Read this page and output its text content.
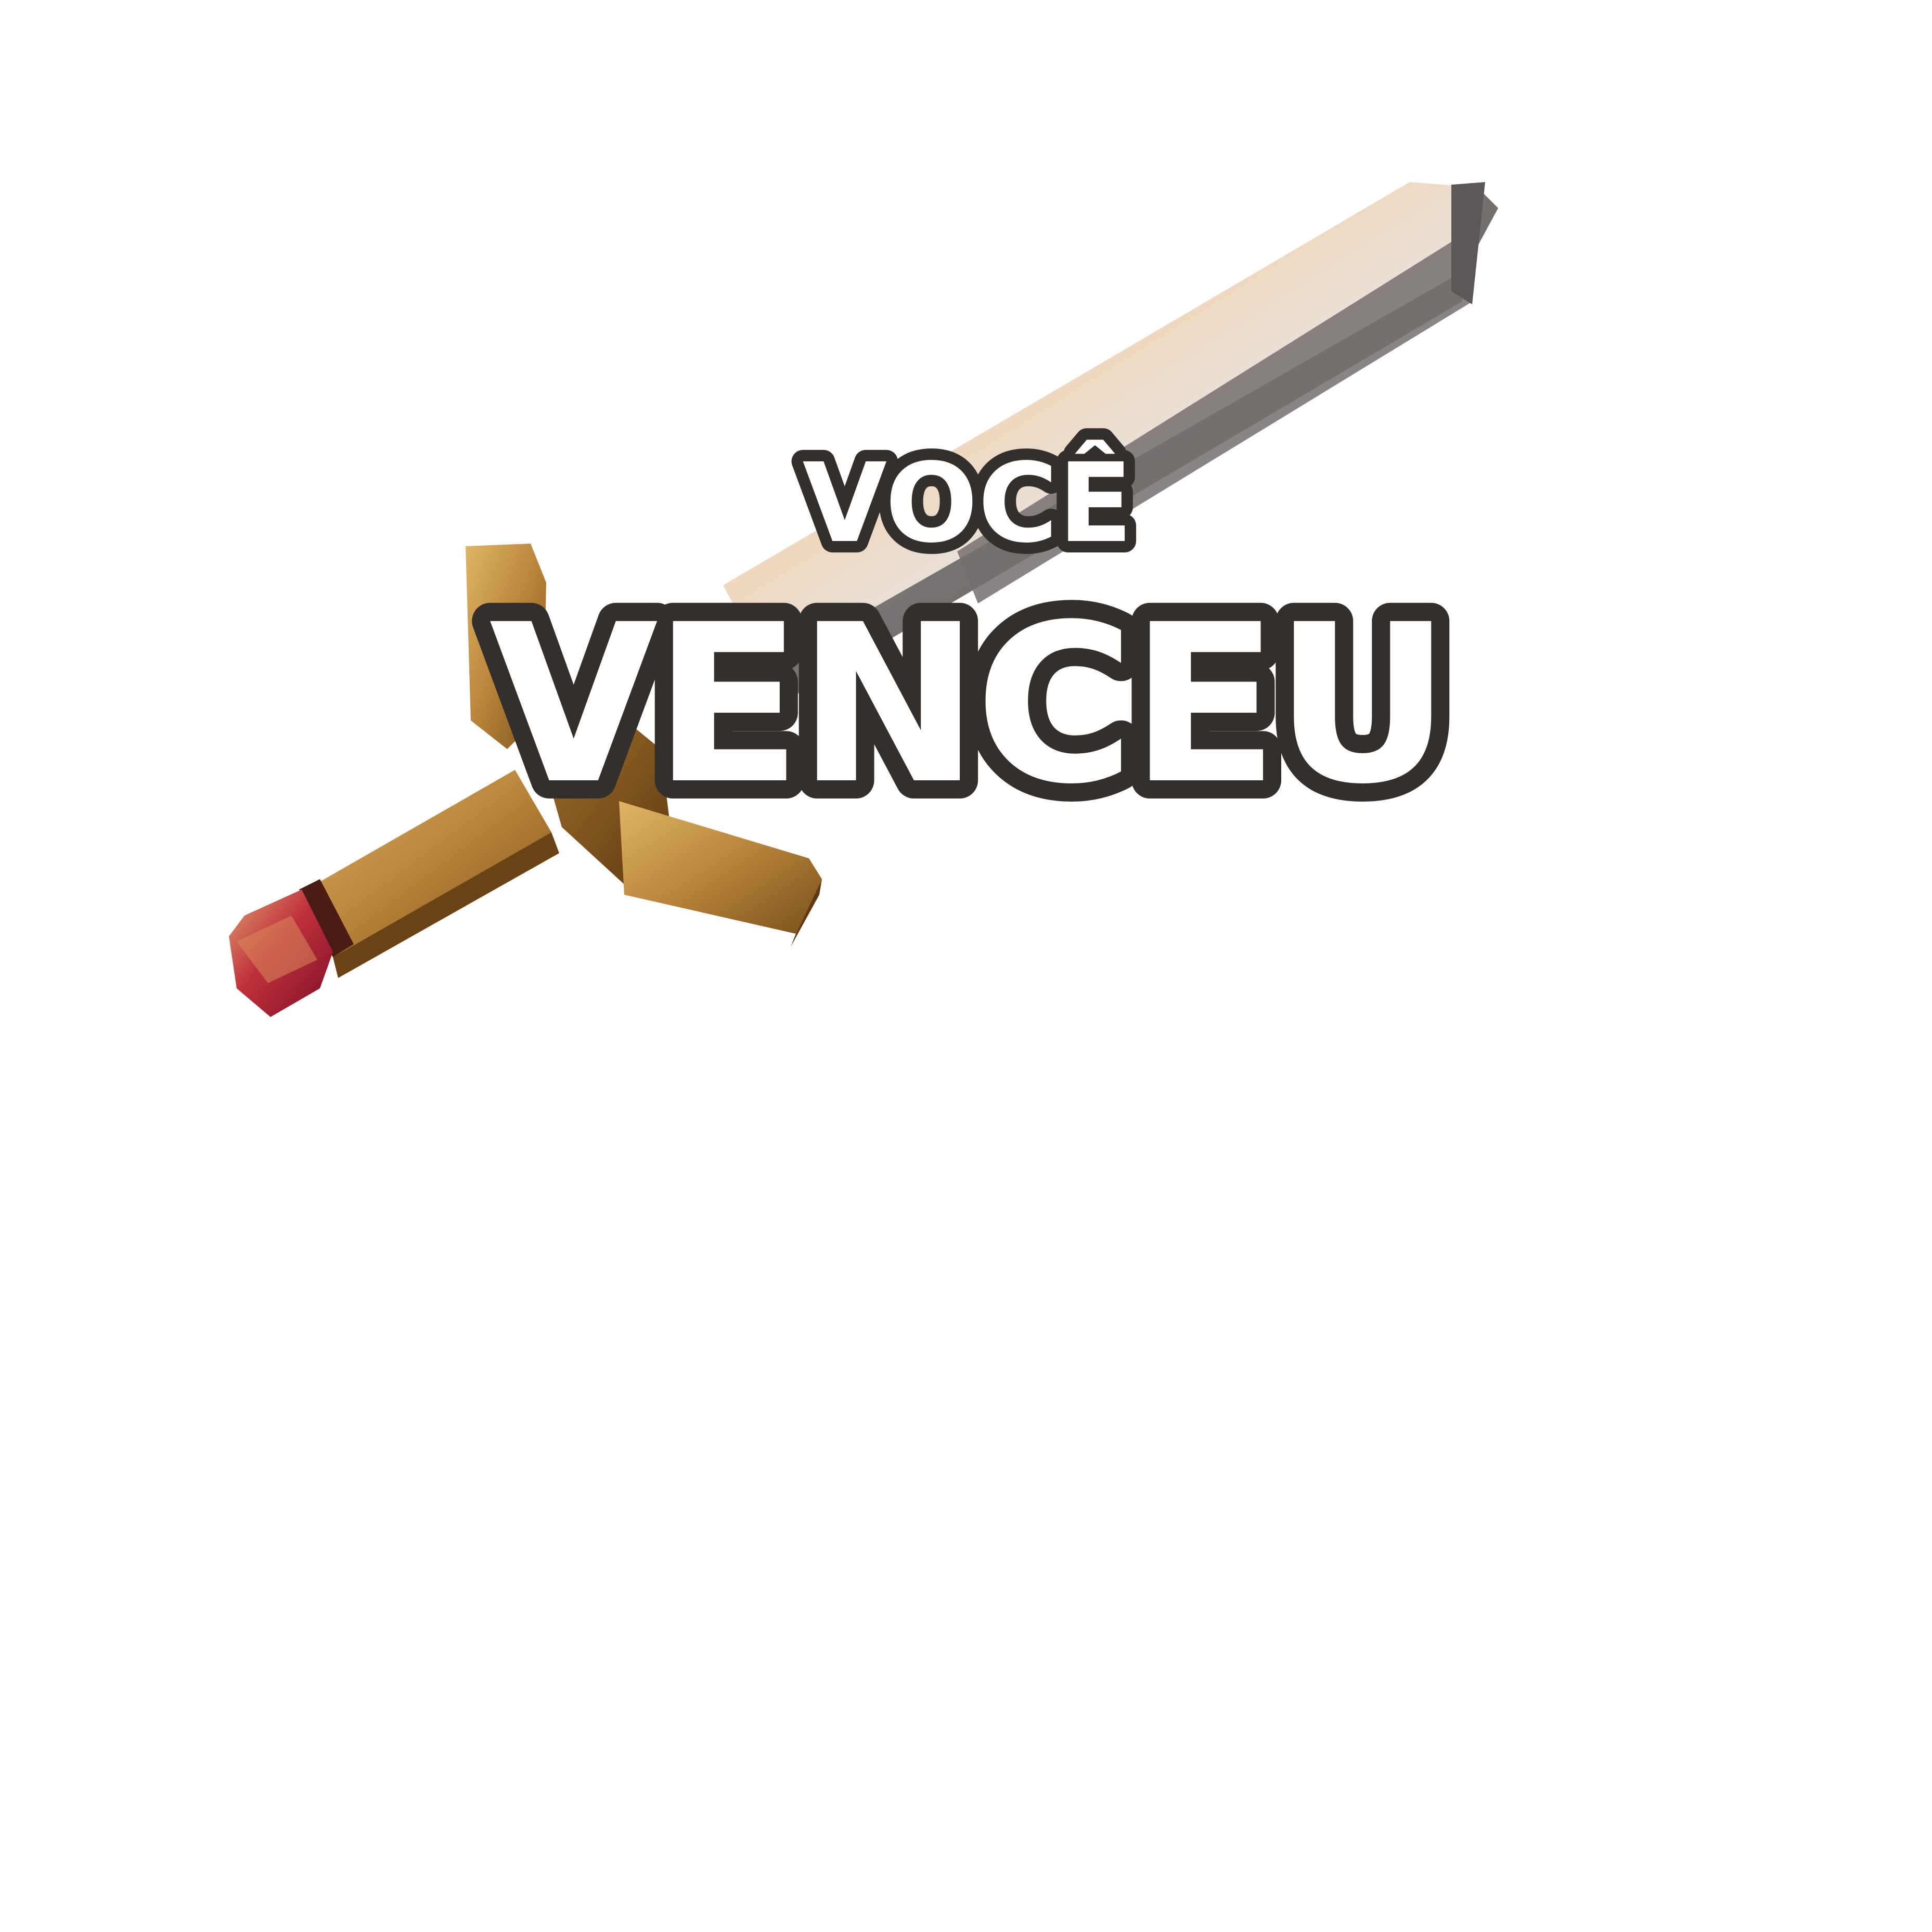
VOCÊ
VENCEU
